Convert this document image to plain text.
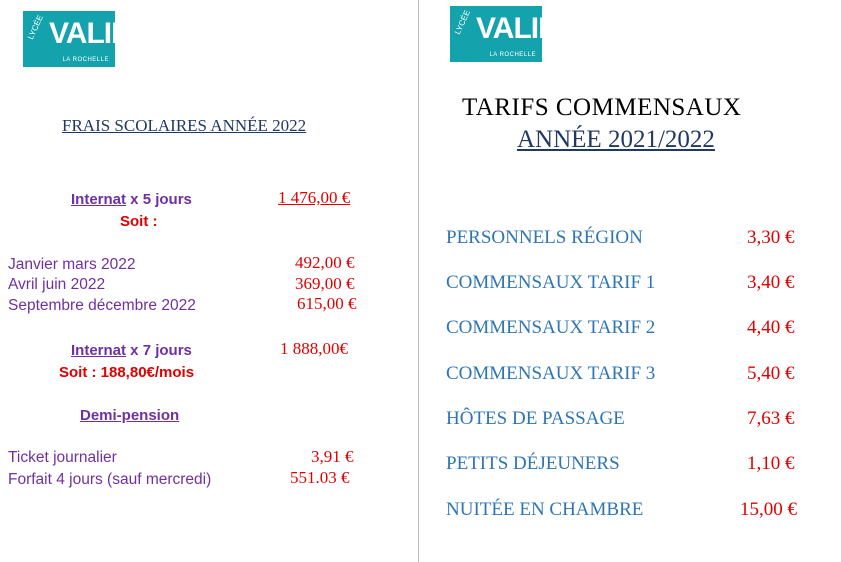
LYCÉE VALIN
LA ROCHELLE
LYCÉE VALIN
LA ROCHELLE
FRAIS SCOLAIRES ANNÉE 2022
Internat x 5 jours	1 476,00 €
Soit :
Janvier mars 2022	492,00 €
Avril juin 2022	369,00 €
Septembre décembre 2022	615,00 €
Internat x 7 jours	1 888,00€
Soit : 188,80€/mois
Demi-pension
Ticket journalier	3,91 €
Forfait 4 jours (sauf mercredi)	551.03 €
TARIFS COMMENSAUX
ANNÉE 2021/2022
PERSONNELS RÉGION	3,30 €
COMMENSAUX TARIF 1	3,40 €
COMMENSAUX TARIF 2	4,40 €
COMMENSAUX TARIF 3	5,40 €
HÔTES DE PASSAGE	7,63 €
PETITS DÉJEUNERS	1,10 €
NUITÉE EN CHAMBRE	15,00 €
